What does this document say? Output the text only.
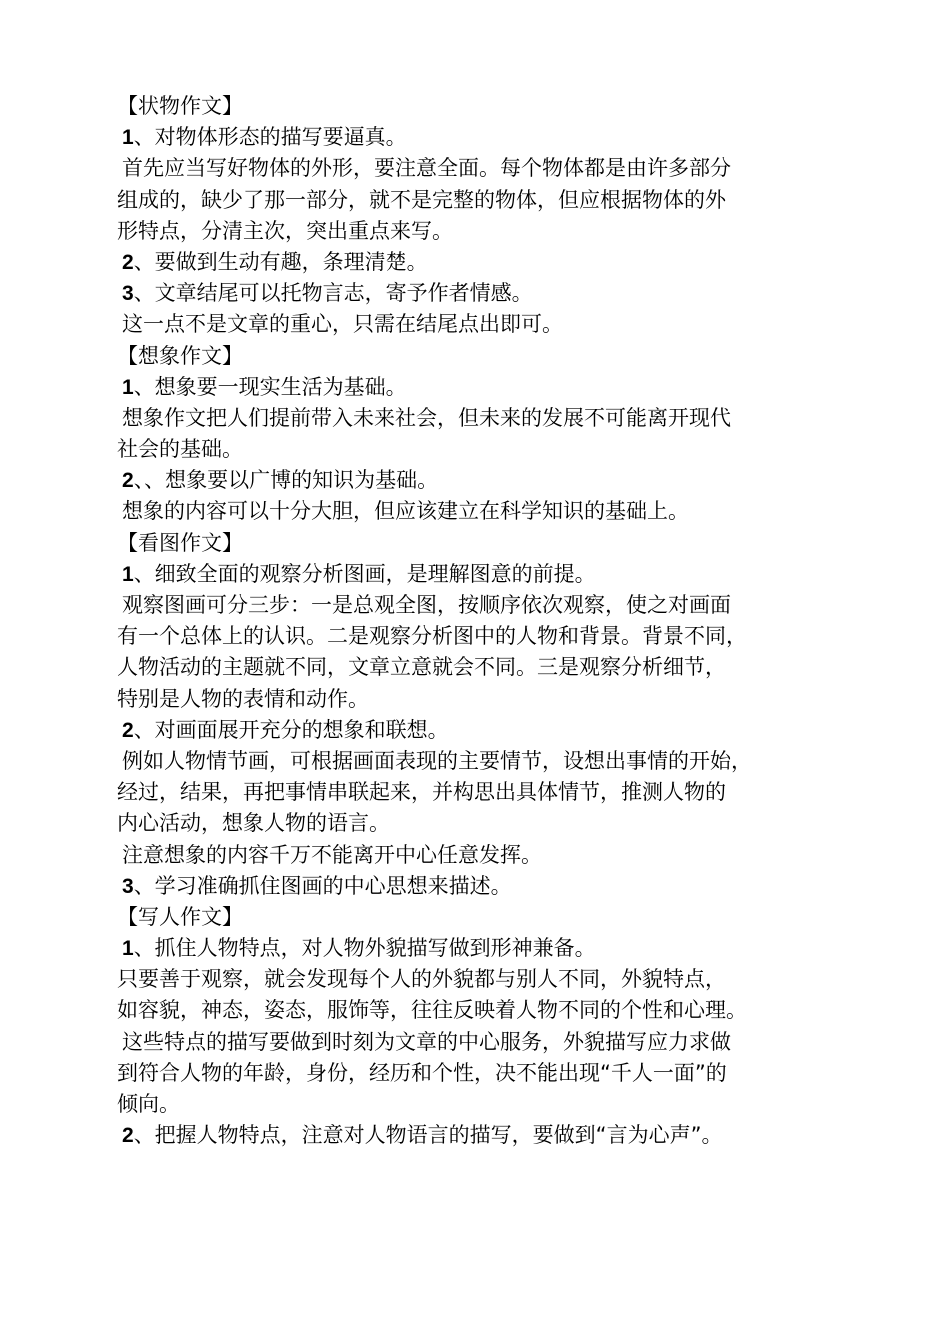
【状物作文】
1、对物体形态的描写要逼真。
首先应当写好物体的外形，要注意全面。每个物体都是由许多部分
组成的，缺少了那一部分，就不是完整的物体，但应根据物体的外
形特点，分清主次，突出重点来写。
2、要做到生动有趣，条理清楚。
3、文章结尾可以托物言志，寄予作者情感。
这一点不是文章的重心，只需在结尾点出即可。
【想象作文】
1、想象要一现实生活为基础。
想象作文把人们提前带入未来社会，但未来的发展不可能离开现代
社会的基础。
2、、想象要以广博的知识为基础。
想象的内容可以十分大胆，但应该建立在科学知识的基础上。
【看图作文】
1、细致全面的观察分析图画，是理解图意的前提。
观察图画可分三步：一是总观全图，按顺序依次观察，使之对画面
有一个总体上的认识。二是观察分析图中的人物和背景。背景不同，
人物活动的主题就不同，文章立意就会不同。三是观察分析细节，
特别是人物的表情和动作。
2、对画面展开充分的想象和联想。
例如人物情节画，可根据画面表现的主要情节，设想出事情的开始，
经过，结果，再把事情串联起来，并构思出具体情节，推测人物的
内心活动，想象人物的语言。
注意想象的内容千万不能离开中心任意发挥。
3、学习准确抓住图画的中心思想来描述。
【写人作文】
1、抓住人物特点，对人物外貌描写做到形神兼备。
只要善于观察，就会发现每个人的外貌都与别人不同，外貌特点，
如容貌，神态，姿态，服饰等，往往反映着人物不同的个性和心理。
这些特点的描写要做到时刻为文章的中心服务，外貌描写应力求做
到符合人物的年龄，身份，经历和个性，决不能出现“千人一面”的
倾向。
2、把握人物特点，注意对人物语言的描写，要做到“言为心声”。
